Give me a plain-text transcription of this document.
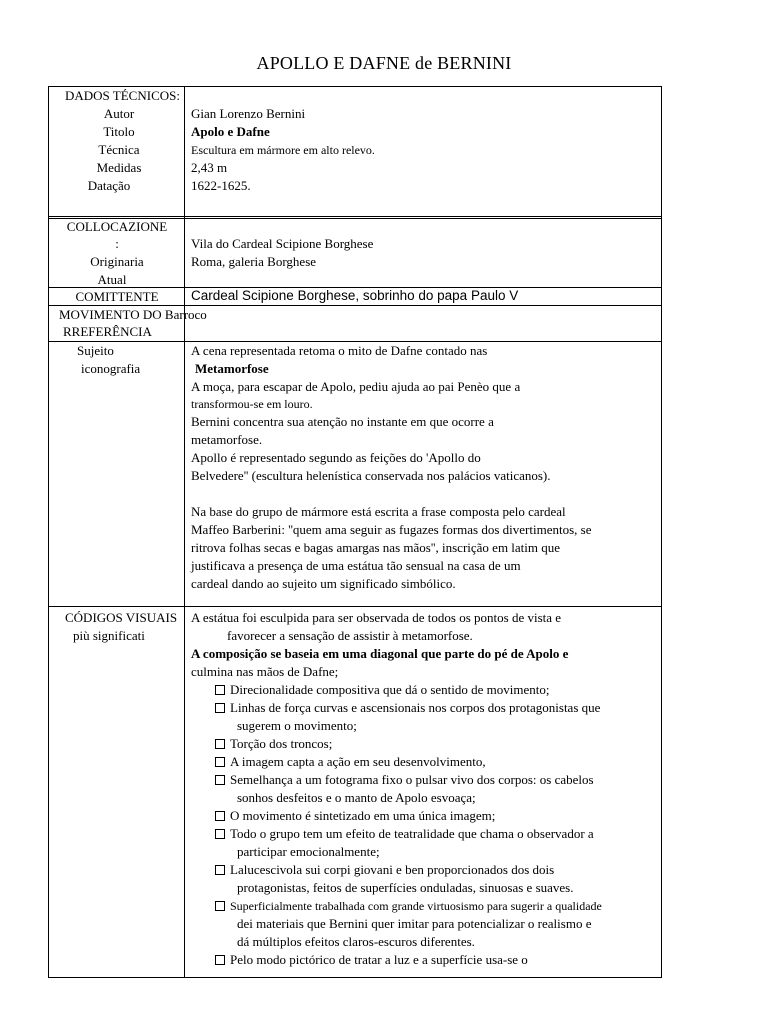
APOLLO E DAFNE de BERNINI
DADOS TÉCNICOS:
Autor
Titolo
Técnica
Medidas
Datação
Gian Lorenzo Bernini
Apolo e Dafne
Escultura em mármore em alto relevo.
2,43 m
1622-1625.
COLLOCAZIONE
:
Originaria
Atual
Vila do Cardeal Scipione Borghese
Roma, galeria Borghese
COMITTENTE	Cardeal Scipione Borghese, sobrinho do papa Paulo V
MOVIMENTO DO Barroco
RREFERÊNCIA
Sujeito
iconografia
A cena representada retoma o mito de Dafne contado nas
Metamorfose
A moça, para escapar de Apolo, pediu ajuda ao pai Penèo que a
transformou-se em louro.
Bernini concentra sua atenção no instante em que ocorre a
metamorfose.
Apollo é representado segundo as feições do 'Apollo do
Belvedere'' (escultura helenística conservada nos palácios vaticanos).
Na base do grupo de mármore está escrita a frase composta pelo cardeal
Maffeo Barberini: ''quem ama seguir as fugazes formas dos divertimentos, se
ritrova folhas secas e bagas amargas nas mãos'', inscrição em latim que
justificava a presença de uma estátua tão sensual na casa de um
cardeal dando ao sujeito um significado simbólico.
CÓDIGOS VISUAIS
più significati
A estátua foi esculpida para ser observada de todos os pontos de vista e
favorecer a sensação de assistir à metamorfose.
A composição se baseia em uma diagonal que parte do pé de Apolo e
culmina nas mãos de Dafne;
Direcionalidade compositiva que dá o sentido de movimento;
Linhas de força curvas e ascensionais nos corpos dos protagonistas que
sugerem o movimento;
Torção dos troncos;
A imagem capta a ação em seu desenvolvimento,
Semelhança a um fotograma fixo o pulsar vivo dos corpos: os cabelos
sonhos desfeitos e o manto de Apolo esvoaça;
O movimento é sintetizado em uma única imagem;
Todo o grupo tem um efeito de teatralidade que chama o observador a
participar emocionalmente;
Lalucescivola sui corpi giovani e ben proporcionados dos dois
protagonistas, feitos de superfícies onduladas, sinuosas e suaves.
Superficialmente trabalhada com grande virtuosismo para sugerir a qualidade
dei materiais que Bernini quer imitar para potencializar o realismo e
dá múltiplos efeitos claros-escuros diferentes.
Pelo modo pictórico de tratar a luz e a superfície usa-se o
